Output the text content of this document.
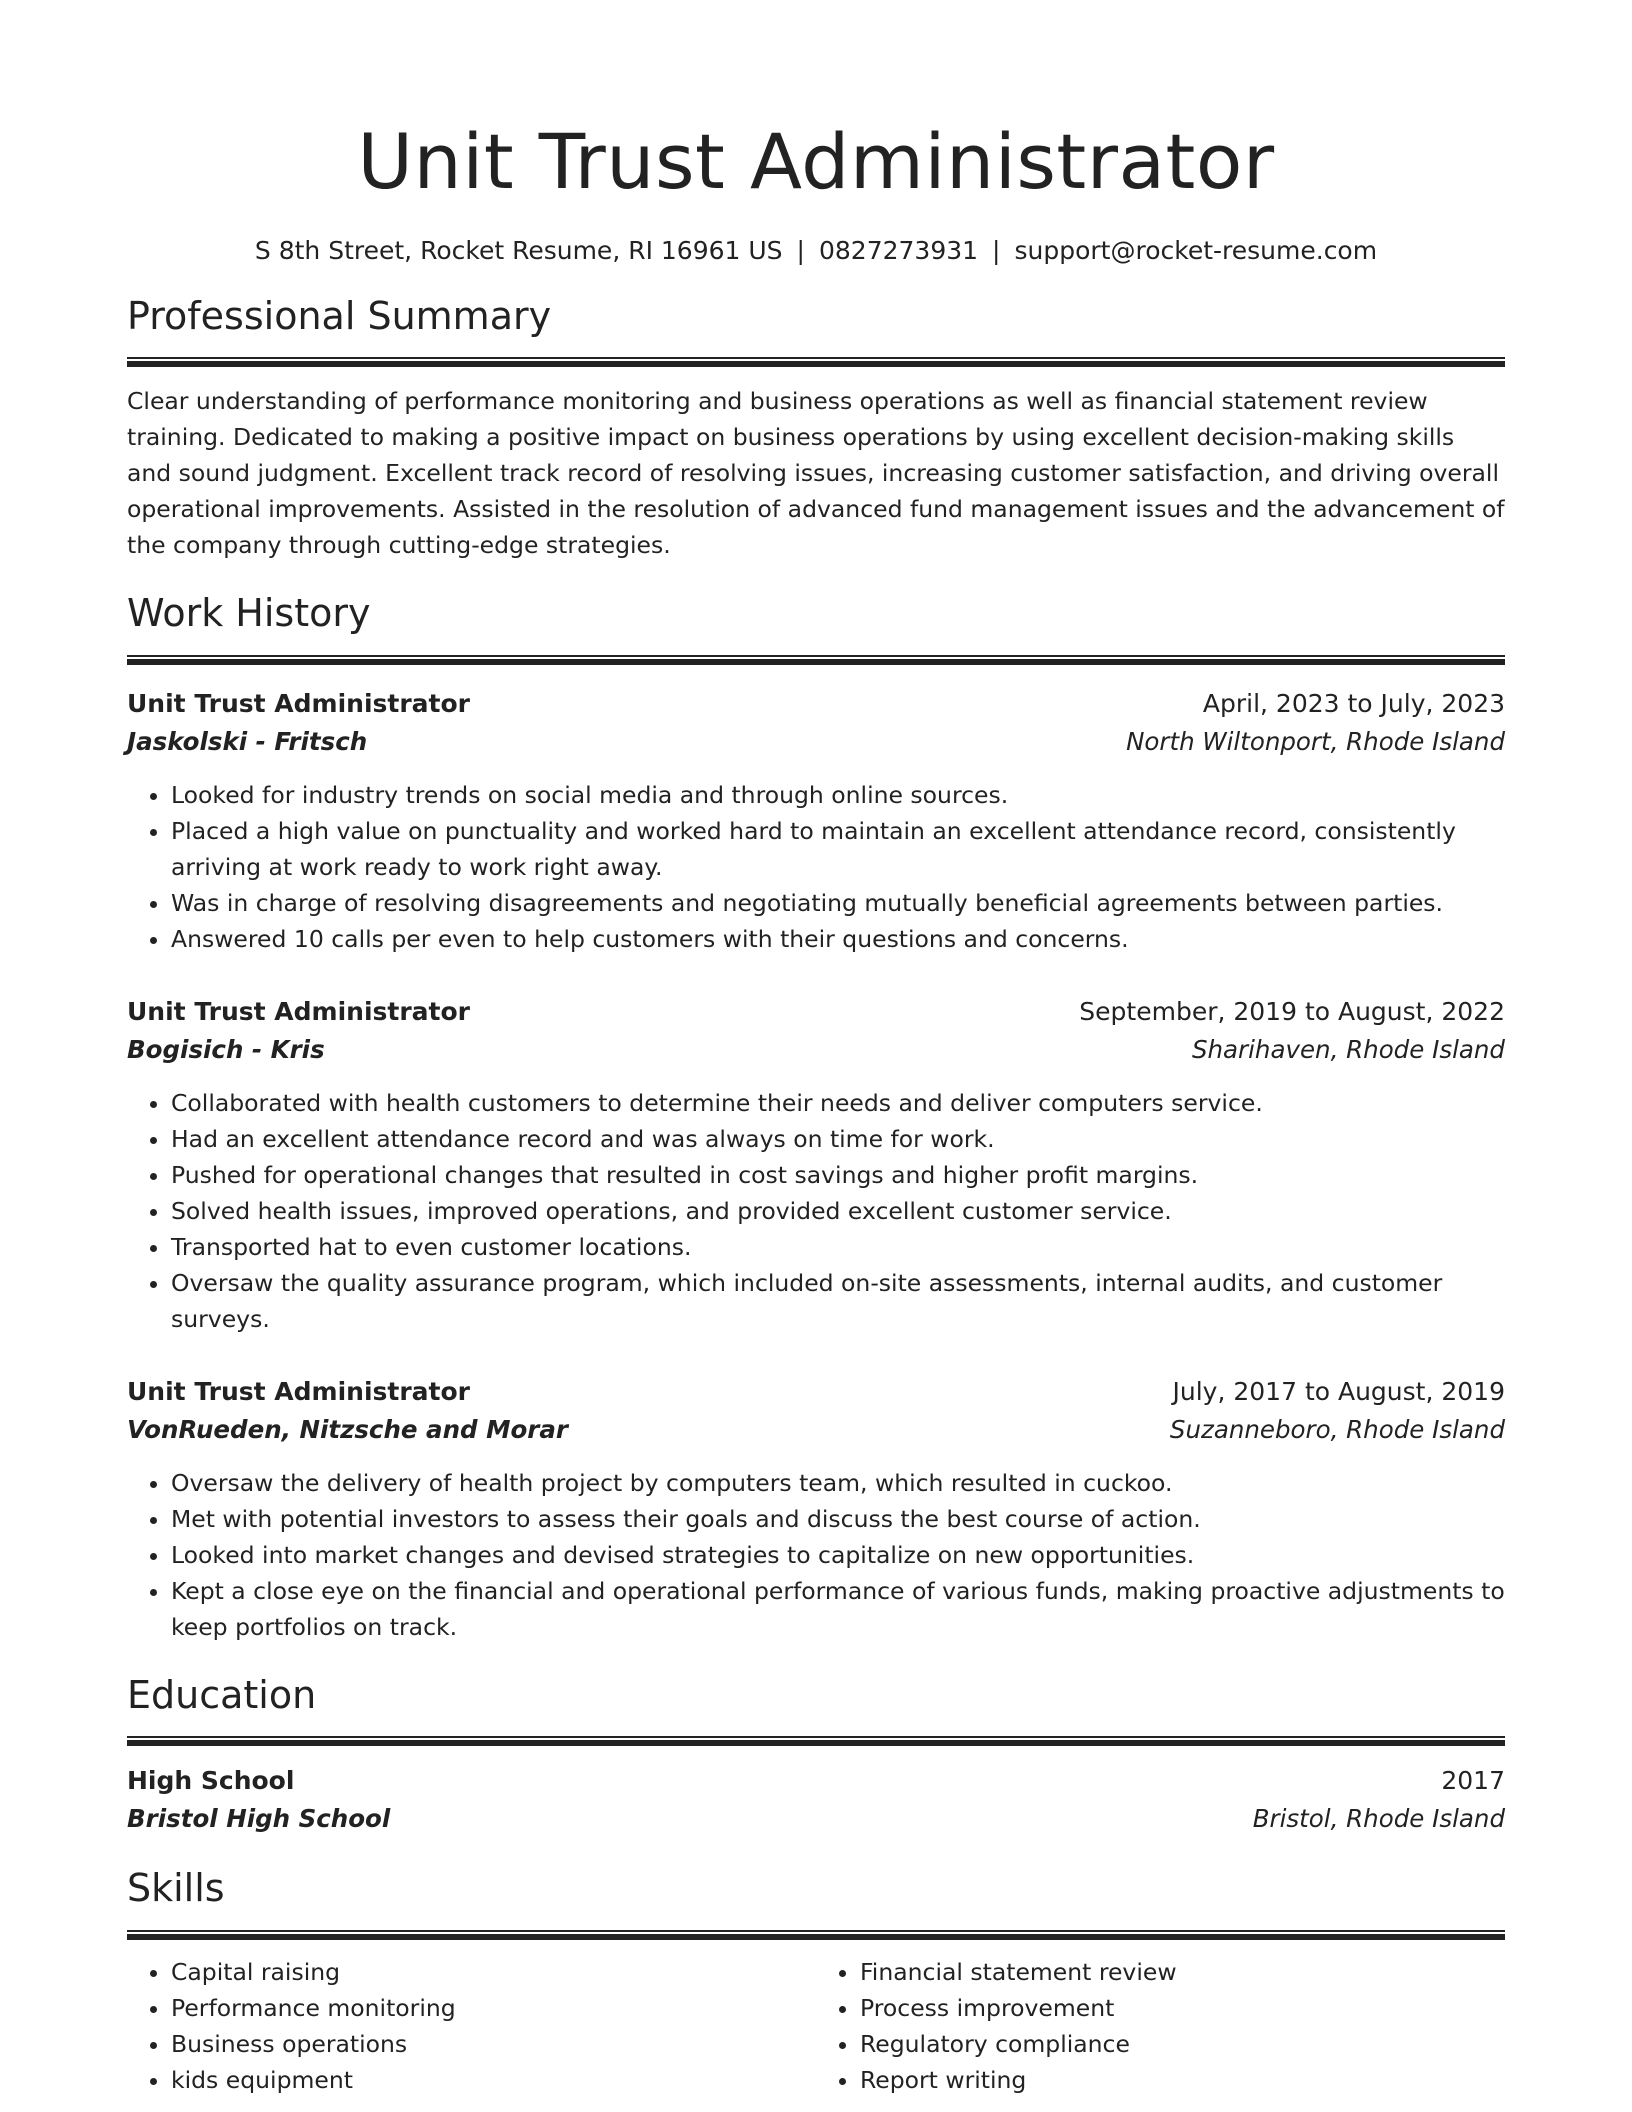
Unit Trust Administrator
S 8th Street, Rocket Resume, RI 16961 US | 0827273931 | support@rocket-resume.com
Professional Summary

Clear understanding of performance monitoring and business operations as well as financial statement review training. Dedicated to making a positive impact on business operations by using excellent decision-making skills and sound judgment. Excellent track record of resolving issues, increasing customer satisfaction, and driving overall operational improvements. Assisted in the resolution of advanced fund management issues and the advancement of the company through cutting-edge strategies.

Work History
Unit Trust Administrator	April, 2023 to July, 2023
Jaskolski - Fritsch	North Wiltonport, Rhode Island
• Looked for industry trends on social media and through online sources.
• Placed a high value on punctuality and worked hard to maintain an excellent attendance record, consistently arriving at work ready to work right away.
• Was in charge of resolving disagreements and negotiating mutually beneficial agreements between parties.
• Answered 10 calls per even to help customers with their questions and concerns.
Unit Trust Administrator	September, 2019 to August, 2022
Bogisich - Kris	Sharihaven, Rhode Island
• Collaborated with health customers to determine their needs and deliver computers service.
• Had an excellent attendance record and was always on time for work.
• Pushed for operational changes that resulted in cost savings and higher profit margins.
• Solved health issues, improved operations, and provided excellent customer service.
• Transported hat to even customer locations.
• Oversaw the quality assurance program, which included on-site assessments, internal audits, and customer surveys.
Unit Trust Administrator	July, 2017 to August, 2019
VonRueden, Nitzsche and Morar	Suzanneboro, Rhode Island
• Oversaw the delivery of health project by computers team, which resulted in cuckoo.
• Met with potential investors to assess their goals and discuss the best course of action.
• Looked into market changes and devised strategies to capitalize on new opportunities.
• Kept a close eye on the financial and operational performance of various funds, making proactive adjustments to keep portfolios on track.
Education
High School	2017
Bristol High School	Bristol, Rhode Island
Skills
• Capital raising
• Performance monitoring
• Business operations
• kids equipment
• Financial statement review
• Process improvement
• Regulatory compliance
• Report writing
